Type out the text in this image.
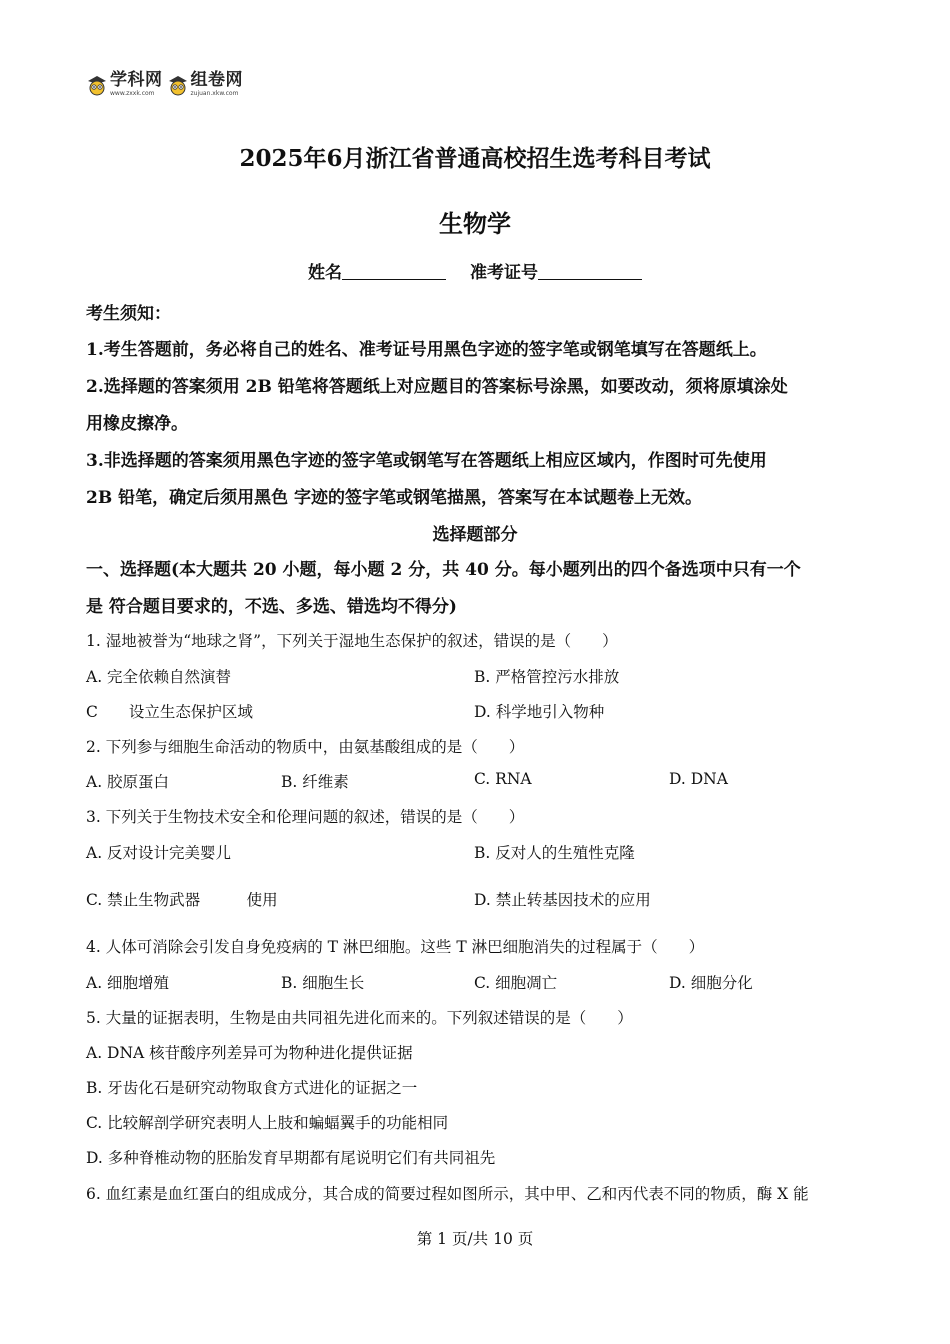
学科网
www.zxxk.com
组卷网
zujuan.xkw.com
2025年6月浙江省普通高校招生选考科目考试
生物学
姓名	准考证号
考生须知：
1.考生答题前，务必将自己的姓名、准考证号用黑色字迹的签字笔或钢笔填写在答题纸上。
2.选择题的答案须用 2B 铅笔将答题纸上对应题目的答案标号涂黑，如要改动，须将原填涂处
用橡皮擦净。
3.非选择题的答案须用黑色字迹的签字笔或钢笔写在答题纸上相应区域内，作图时可先使用
2B 铅笔，确定后须用黑色 字迹的签字笔或钢笔描黑，答案写在本试题卷上无效。
选择题部分
一、选择题(本大题共 20 小题，每小题 2 分，共 40 分。每小题列出的四个备选项中只有一个
是 符合题目要求的，不选、多选、错选均不得分)
1. 湿地被誉为“地球之肾”，下列关于湿地生态保护的叙述，错误的是（　　）
A. 完全依赖自然演替	B. 严格管控污水排放
C　　设立生态保护区域	D. 科学地引入物种
2. 下列参与细胞生命活动的物质中，由氨基酸组成的是（　　）
A. 胶原蛋白	B. 纤维素	C. RNA	D. DNA
3. 下列关于生物技术安全和伦理问题的叙述，错误的是（　　）
A. 反对设计完美婴儿	B. 反对人的生殖性克隆
C. 禁止生物武器　　　使用	D. 禁止转基因技术的应用
4. 人体可消除会引发自身免疫病的 T 淋巴细胞。这些 T 淋巴细胞消失的过程属于（　　）
A. 细胞增殖	B. 细胞生长	C. 细胞凋亡	D. 细胞分化
5. 大量的证据表明，生物是由共同祖先进化而来的。下列叙述错误的是（　　）
A. DNA 核苷酸序列差异可为物种进化提供证据
B. 牙齿化石是研究动物取食方式进化的证据之一
C. 比较解剖学研究表明人上肢和蝙蝠翼手的功能相同
D. 多种脊椎动物的胚胎发育早期都有尾说明它们有共同祖先
6. 血红素是血红蛋白的组成成分，其合成的简要过程如图所示，其中甲、乙和丙代表不同的物质，酶 X 能
第 1 页/共 10 页
